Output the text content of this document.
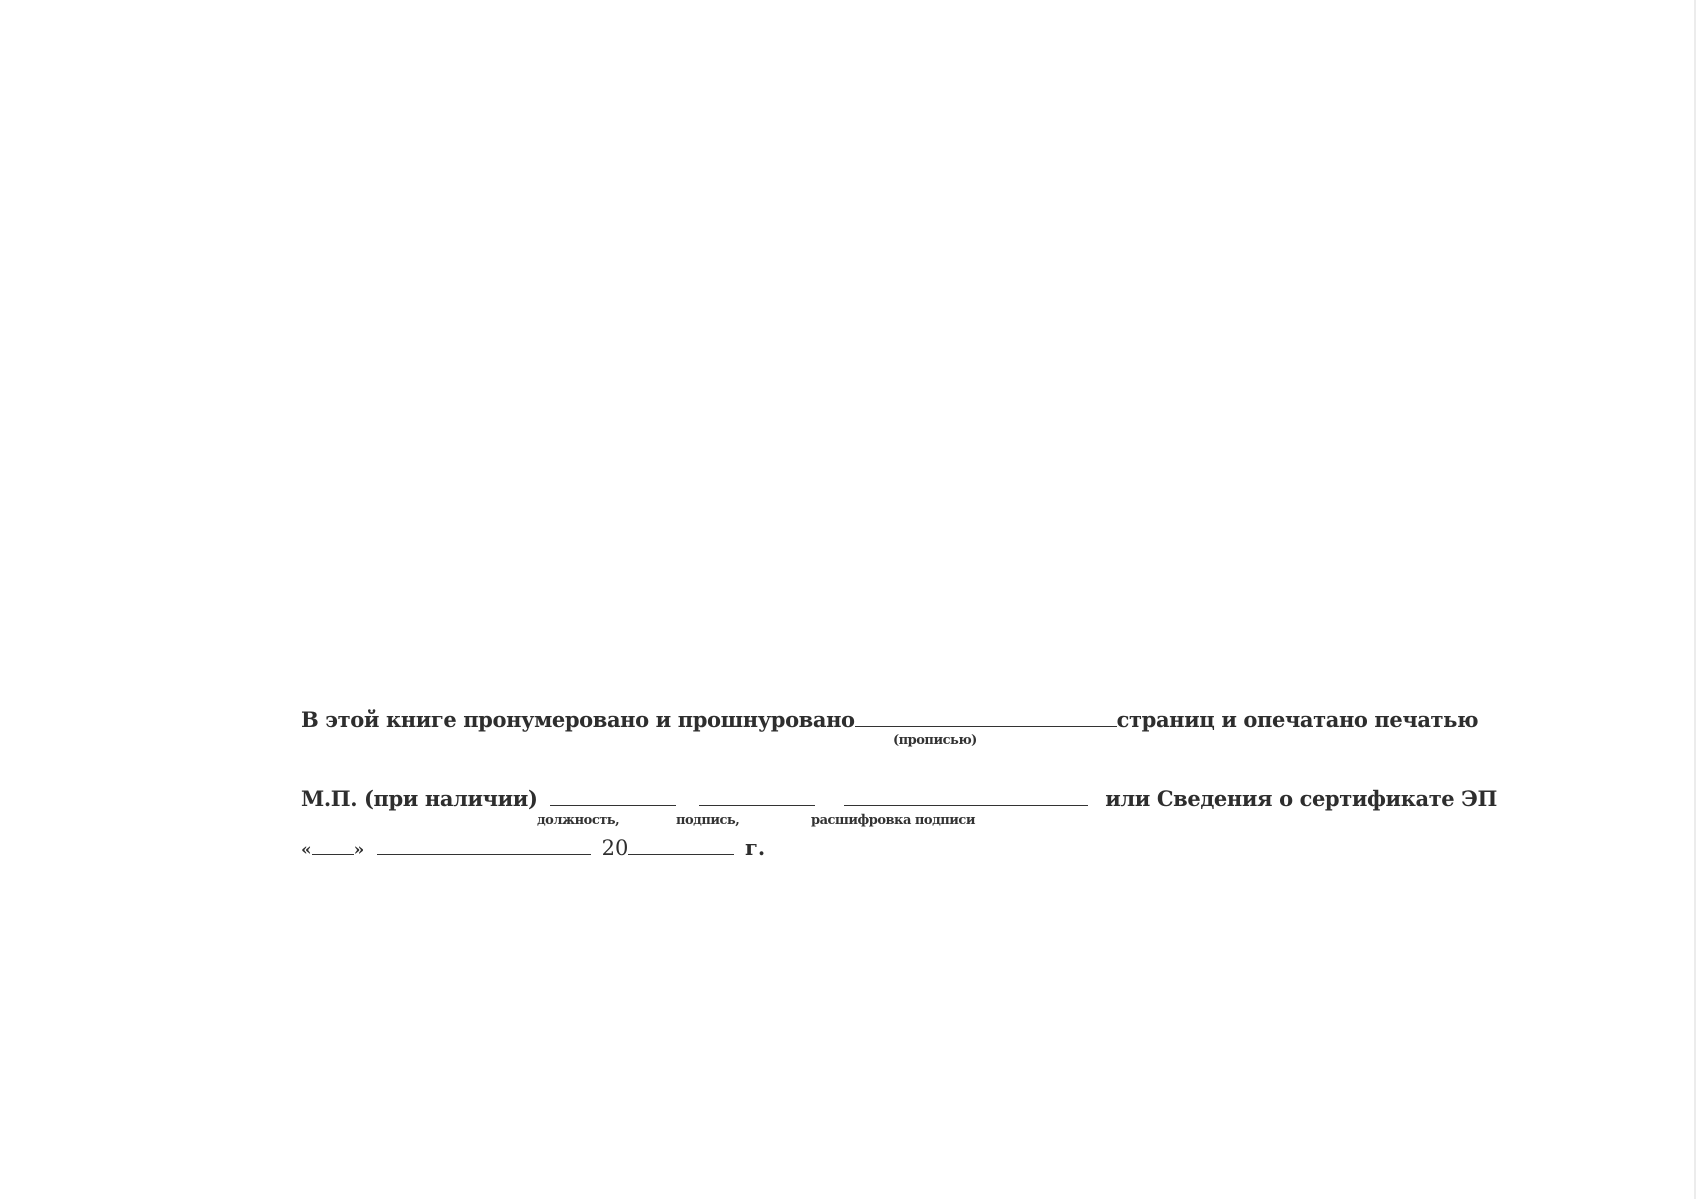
В этой книге пронумеровано и прошнуровано	страниц и опечатано печатью
(прописью)
М.П. (при наличии)	или Сведения о сертификате ЭП
должность,	подпись,	расшифровка подписи
« »	20	г.
